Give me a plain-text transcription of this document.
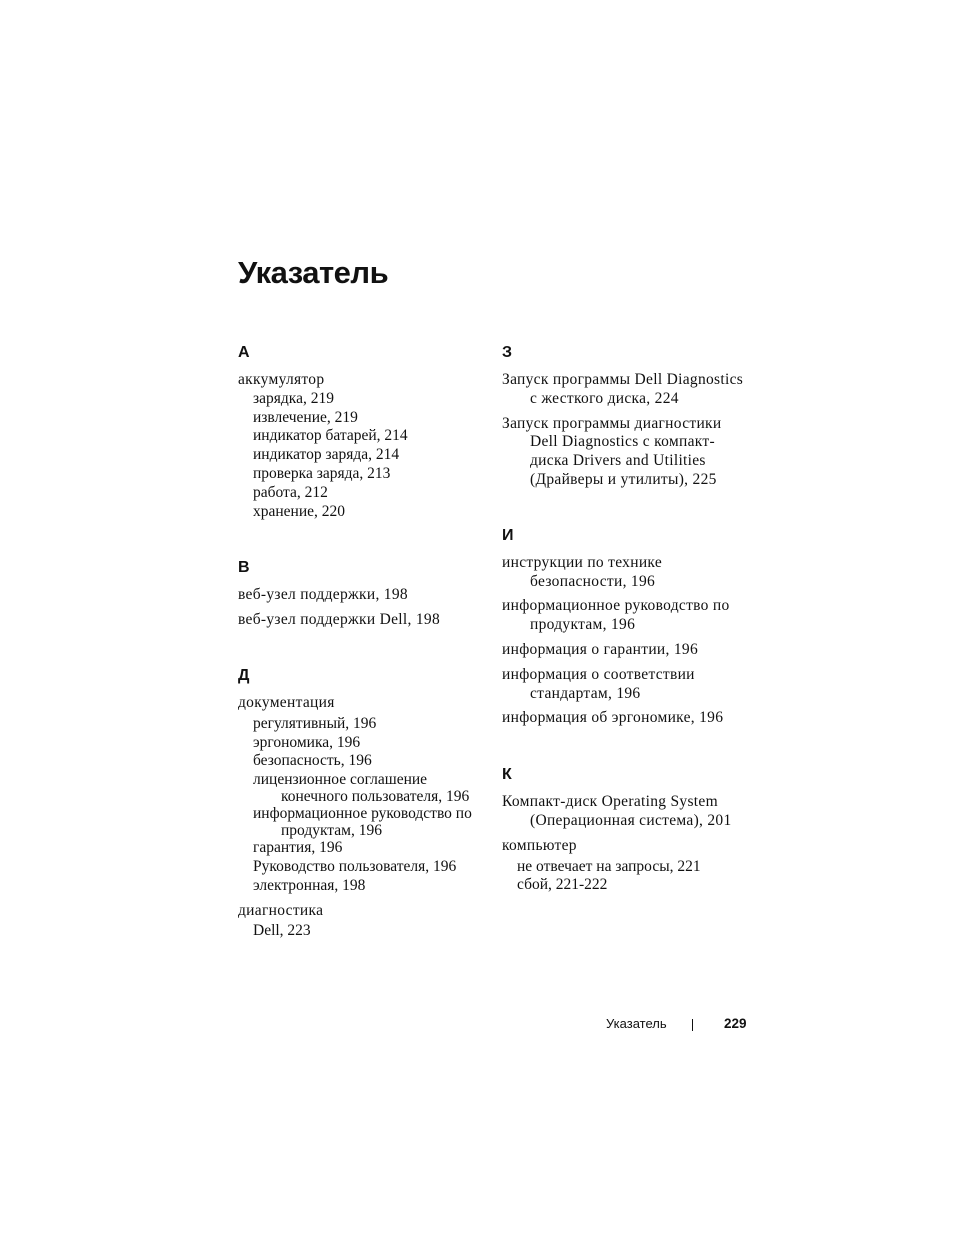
Указатель
А
аккумулятор
зарядка, 219
извлечение, 219
индикатор батарей, 214
индикатор заряда, 214
проверка заряда, 213
работа, 212
хранение, 220
В
веб-узел поддержки, 198
веб-узел поддержки Dell, 198
Д
документация
регулятивный, 196
эргономика, 196
безопасность, 196
лицензионное соглашение конечного пользователя, 196
информационное руководство по продуктам, 196
гарантия, 196
Руководство пользователя, 196
электронная, 198
диагностика
Dell, 223
З
Запуск программы Dell Diagnostics с жесткого диска, 224
Запуск программы диагностики Dell Diagnostics с компакт-диска Drivers and Utilities (Драйверы и утилиты), 225
И
инструкции по технике безопасности, 196
информационное руководство по продуктам, 196
информация о гарантии, 196
информация о соответствии стандартам, 196
информация об эргономике, 196
К
Компакт-диск Operating System (Операционная система), 201
компьютер
не отвечает на запросы, 221
сбой, 221-222
Указатель	229
